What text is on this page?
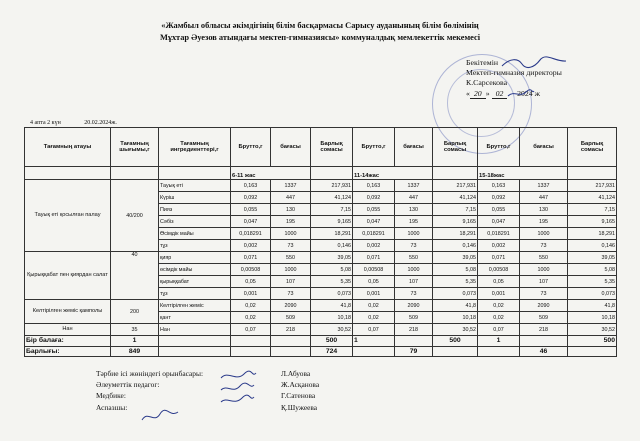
«Жамбыл облысы әкімдігінің білім басқармасы Сарысу ауданының білім бөлімінің
Мұхтар Әуезов атындағы мектеп-гимназиясы» коммуналдық мемлекеттік мекемесі
Бекітемін
Мектеп-гимназия директоры
К.Сарсекова
« 20 » 02 2024 ж
4 апта 2 күн	20.02.2024ж.
Тағамның атауы	Тағамның шығымы,г	Тағамның ингредиенттері,г	Брутто,г	бағасы	Барлық сомасы	Брутто,г	бағасы	Барлық сомасы	Брутто,г	бағасы	Барлық сомасы
			6-11 жас			11-14жас			15-18жас		
Тауық еті қосылған палау	40/200	Тауық еті	0,163	1337	217,931	0,163	1337	217,931	0,163	1337	217,931
		Күріш	0,092	447	41,124	0,092	447	41,124	0,092	447	41,124
		Пияз	0,055	130	7,15	0,055	130	7,15	0,055	130	7,15
		Сәбіз	0,047	195	9,165	0,047	195	9,165	0,047	195	9,165
		Өсімдік майы	0,018291	1000	18,291	0,018291	1000	18,291	0,018291	1000	18,291
		тұз	0,002	73	0,146	0,002	73	0,146	0,002	73	0,146
Қырыққабат пен қиярдан салат	40	қияр	0,071	550	39,05	0,071	550	39,05	0,071	550	39,05
		өсімдік майы	0,00508	1000	5,08	0,00508	1000	5,08	0,00508	1000	5,08
		қырыққабат	0,05	107	5,35	0,05	107	5,35	0,05	107	5,35
		тұз	0,001	73	0,073	0,001	73	0,073	0,001	73	0,073
Келтірілген жеміс қамполы	200	Келтірілген жеміс	0,02	2090	41,8	0,02	2090	41,8	0,02	2090	41,8
		қант	0,02	509	10,18	0,02	509	10,18	0,02	509	10,18
Нан	35	Нан	0,07	218	30,52	0,07	218	30,52	0,07	218	30,52
Бір балаға:	1				500	1		500	1		500
Барлығы:	849				724		79			46	
Тәрбие ісі жөніндегі орынбасары:	Л.Абуова
Әлеуметтік педагог:	Ж.Асқанова
Медбике:	Г.Сатенова
Аспазшы:	Қ.Шужеева
